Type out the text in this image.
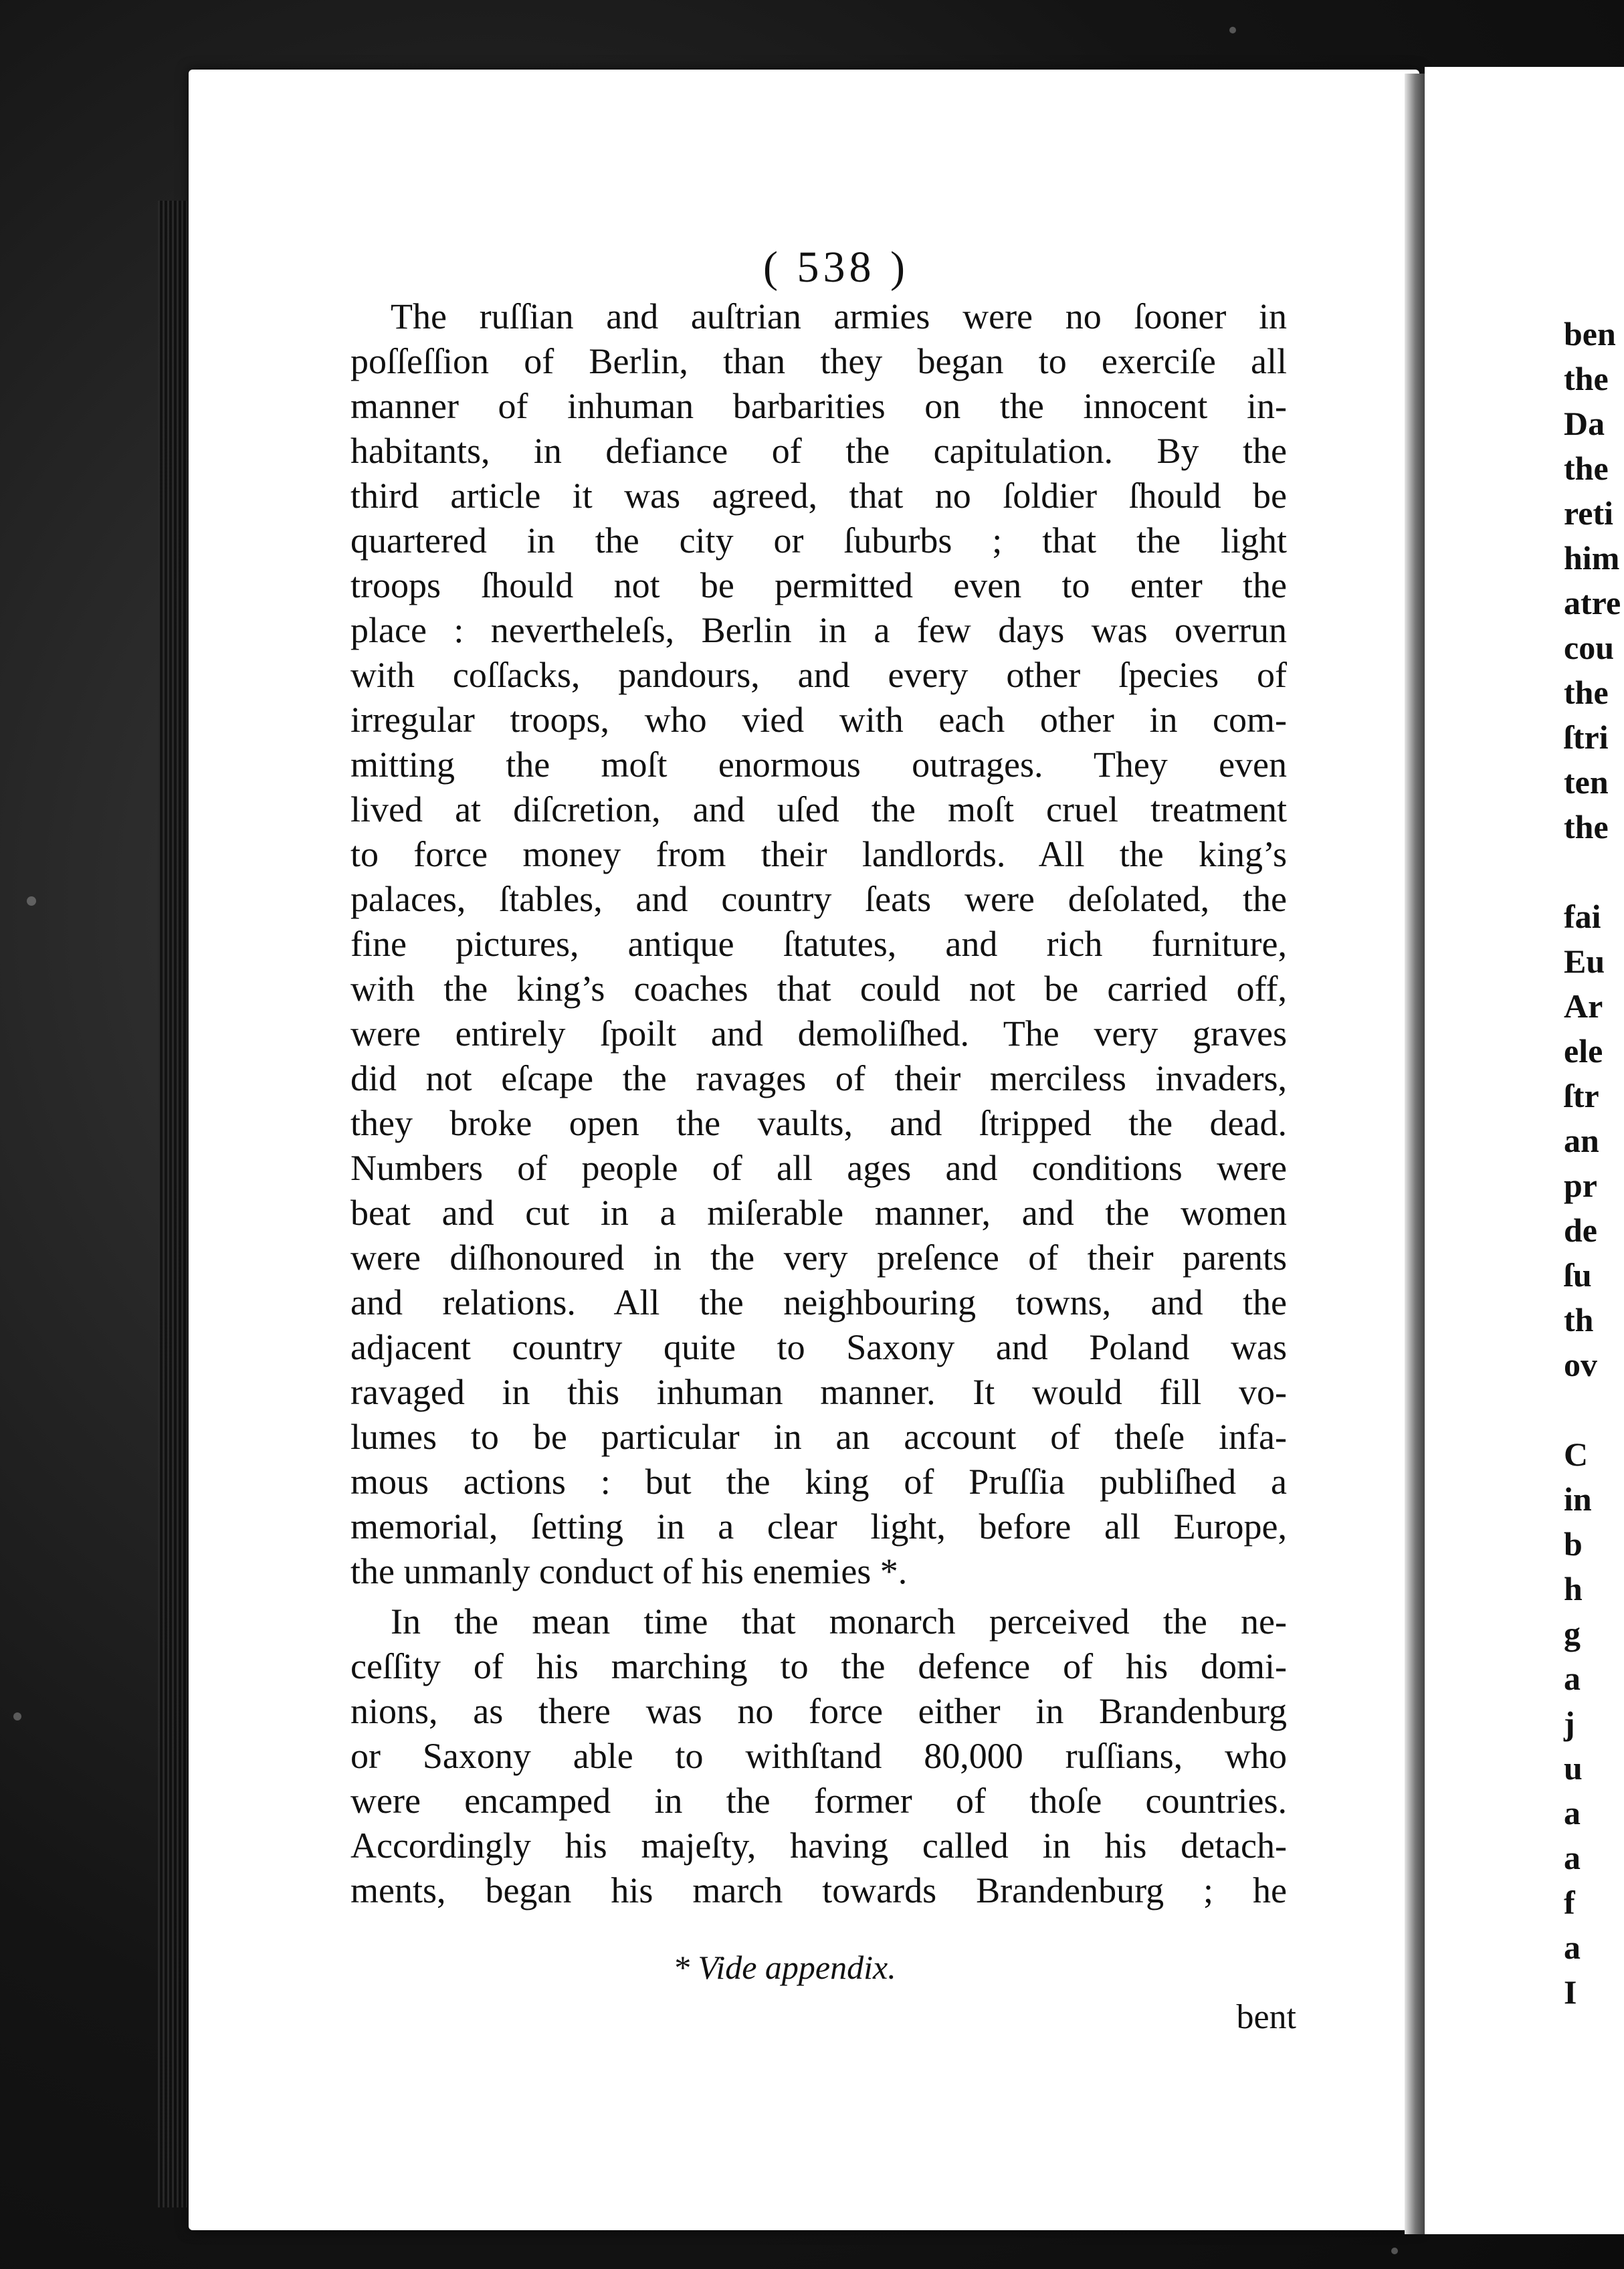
( 538 )
The ruſſian and auſtrian armies were no ſooner in
poſſeſſion of Berlin, than they began to exerciſe all
manner of inhuman barbarities on the innocent in-
habitants, in defiance of the capitulation. By the
third article it was agreed, that no ſoldier ſhould be
quartered in the city or ſuburbs ; that the light
troops ſhould not be permitted even to enter the
place : nevertheleſs, Berlin in a few days was overrun
with coſſacks, pandours, and every other ſpecies of
irregular troops, who vied with each other in com-
mitting the moſt enormous outrages. They even
lived at diſcretion, and uſed the moſt cruel treatment
to force money from their landlords. All the king’s
palaces, ſtables, and country ſeats were deſolated, the
fine pictures, antique ſtatutes, and rich furniture,
with the king’s coaches that could not be carried off,
were entirely ſpoilt and demoliſhed. The very graves
did not eſcape the ravages of their merciless invaders,
they broke open the vaults, and ſtripped the dead.
Numbers of people of all ages and conditions were
beat and cut in a miſerable manner, and the women
were diſhonoured in the very preſence of their parents
and relations. All the neighbouring towns, and the
adjacent country quite to Saxony and Poland was
ravaged in this inhuman manner. It would fill vo-
lumes to be particular in an account of theſe infa-
mous actions : but the king of Pruſſia publiſhed a
memorial, ſetting in a clear light, before all Europe,
the unmanly conduct of his enemies *.
In the mean time that monarch perceived the ne-
ceſſity of his marching to the defence of his domi-
nions, as there was no force either in Brandenburg
or Saxony able to withſtand 80,000 ruſſians, who
were encamped in the former of thoſe countries.
Accordingly his majeſty, having called in his detach-
ments, began his march towards Brandenburg ; he
* Vide appendix.
bent
ben
the
Da
the
reti
him
atre
cou
the
ſtri
ten
the
fai
Eu
Ar
ele
ſtr
an
pr
de
ſu
th
ov
C
in
b
h
g
a
j
u
a
a
f
a
I
